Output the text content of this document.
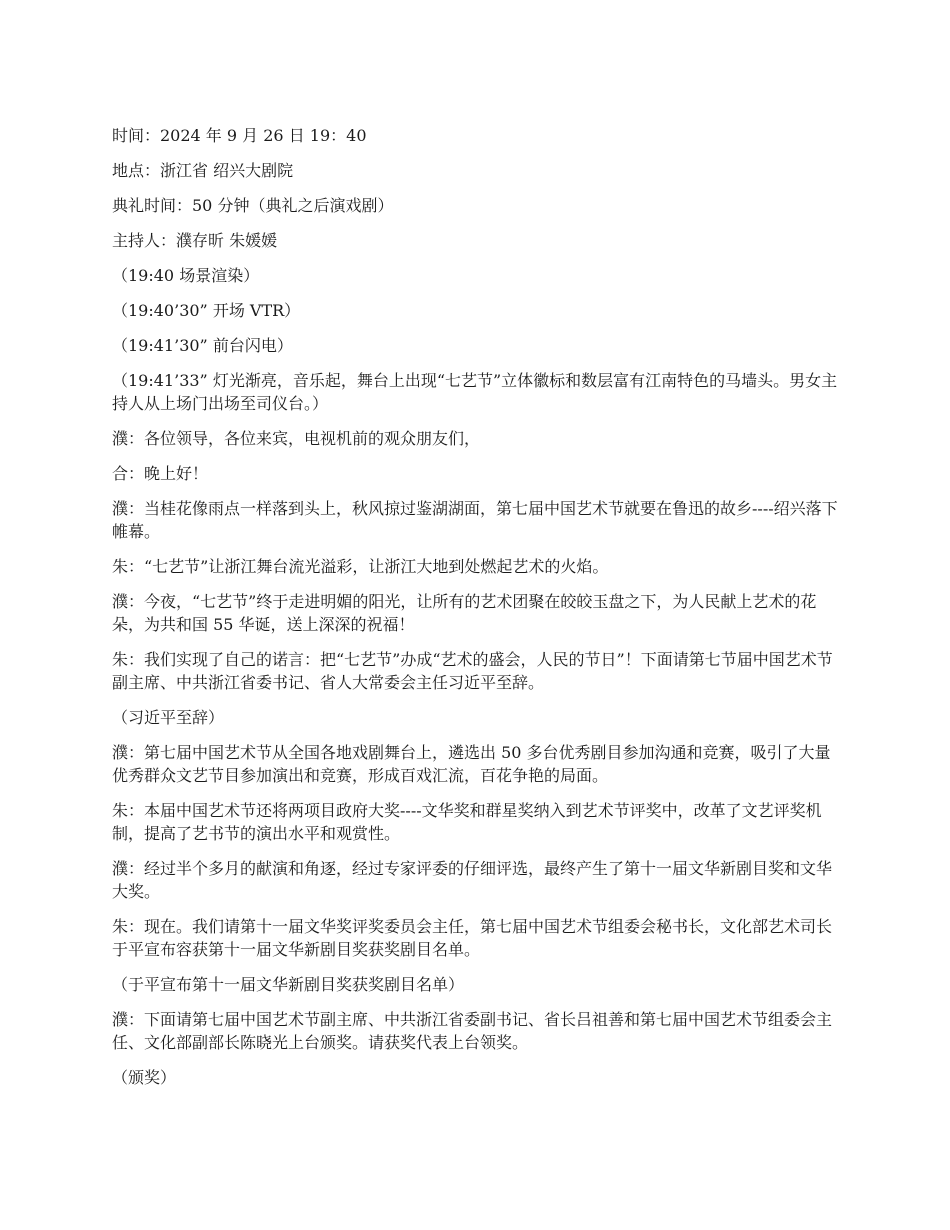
时间：2024 年 9 月 26 日 19：40

地点：浙江省 绍兴大剧院

典礼时间：50 分钟（典礼之后演戏剧）

主持人：濮存昕 朱媛媛

（19:40 场景渲染）

（19:40’30” 开场 VTR）

（19:41’30” 前台闪电）

（19:41’33” 灯光渐亮，音乐起，舞台上出现“七艺节”立体徽标和数层富有江南特色的马墙头。男女主持人从上场门出场至司仪台。）

濮：各位领导，各位来宾，电视机前的观众朋友们，

合：晚上好！

濮：当桂花像雨点一样落到头上，秋风掠过鉴湖湖面，第七届中国艺术节就要在鲁迅的故乡----绍兴落下帷幕。

朱：“七艺节”让浙江舞台流光溢彩，让浙江大地到处燃起艺术的火焰。

濮：今夜，“七艺节”终于走进明媚的阳光，让所有的艺术团聚在皎皎玉盘之下，为人民献上艺术的花朵，为共和国 55 华诞，送上深深的祝福！

朱：我们实现了自己的诺言：把“七艺节”办成“艺术的盛会，人民的节日”！下面请第七节届中国艺术节副主席、中共浙江省委书记、省人大常委会主任习近平至辞。

（习近平至辞）

濮：第七届中国艺术节从全国各地戏剧舞台上，遴选出 50 多台优秀剧目参加沟通和竞赛，吸引了大量优秀群众文艺节目参加演出和竞赛，形成百戏汇流，百花争艳的局面。

朱：本届中国艺术节还将两项目政府大奖----文华奖和群星奖纳入到艺术节评奖中，改革了文艺评奖机制，提高了艺书节的演出水平和观赏性。

濮：经过半个多月的献演和角逐，经过专家评委的仔细评选，最终产生了第十一届文华新剧目奖和文华大奖。

朱：现在。我们请第十一届文华奖评奖委员会主任，第七届中国艺术节组委会秘书长，文化部艺术司长于平宣布容获第十一届文华新剧目奖获奖剧目名单。

（于平宣布第十一届文华新剧目奖获奖剧目名单）

濮：下面请第七届中国艺术节副主席、中共浙江省委副书记、省长吕祖善和第七届中国艺术节组委会主任、文化部副部长陈晓光上台颁奖。请获奖代表上台领奖。

（颁奖）
